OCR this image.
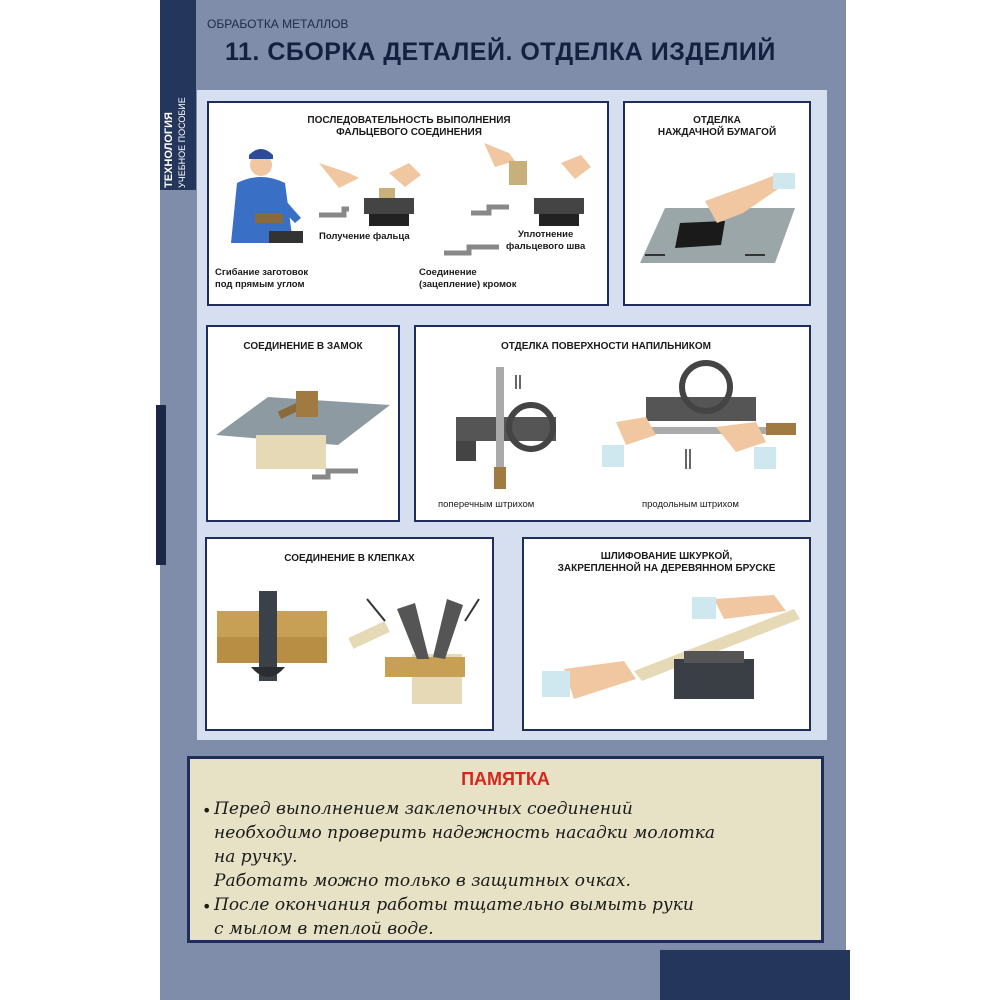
ТЕХНОЛОГИЯ УЧЕБНОЕ ПОСОБИЕ
ОБРАБОТКА МЕТАЛЛОВ
11. СБОРКА ДЕТАЛЕЙ. ОТДЕЛКА ИЗДЕЛИЙ
ПОСЛЕДОВАТЕЛЬНОСТЬ ВЫПОЛНЕНИЯ
ФАЛЬЦЕВОГО СОЕДИНЕНИЯ
Получение фальца	Уплотнение
фальцевого шва
Сгибание заготовок
под прямым углом
Соединение
(зацепление) кромок
ОТДЕЛКА
НАЖДАЧНОЙ БУМАГОЙ
СОЕДИНЕНИЕ В ЗАМОК	ОТДЕЛКА ПОВЕРХНОСТИ НАПИЛЬНИКОМ
поперечным штрихом	продольным штрихом
СОЕДИНЕНИЕ В КЛЕПКАХ	ШЛИФОВАНИЕ ШКУРКОЙ,
ЗАКРЕПЛЕННОЙ НА ДЕРЕВЯННОМ БРУСКЕ
ПАМЯТКА
•
•
Перед выполнением заклепочных соединений
необходимо проверить надежность насадки молотка
на ручку.
Работать можно только в защитных очках.
После окончания работы тщательно вымыть руки
с мылом в теплой воде.
